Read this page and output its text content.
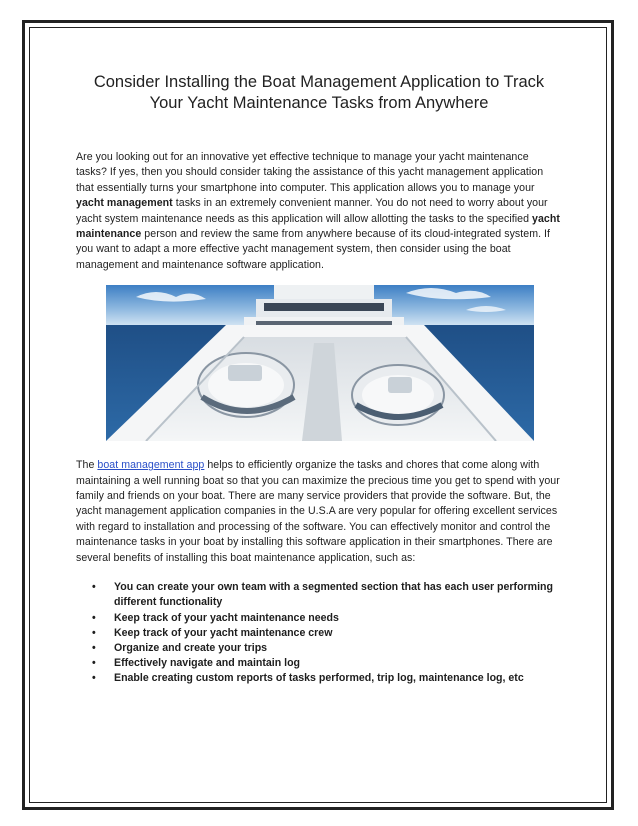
Consider Installing the Boat Management Application to Track Your Yacht Maintenance Tasks from Anywhere

Are you looking out for an innovative yet effective technique to manage your yacht maintenance tasks? If yes, then you should consider taking the assistance of this yacht management application that essentially turns your smartphone into computer. This application allows you to manage your yacht management tasks in an extremely convenient manner. You do not need to worry about your yacht system maintenance needs as this application will allow allotting the tasks to the specified yacht maintenance person and review the same from anywhere because of its cloud-integrated system. If you want to adapt a more effective yacht management system, then consider using the boat management and maintenance software application.

The boat management app helps to efficiently organize the tasks and chores that come along with maintaining a well running boat so that you can maximize the precious time you get to spend with your family and friends on your boat. There are many service providers that provide the software. But, the yacht management application companies in the U.S.A are very popular for offering excellent services with regard to installation and processing of the software. You can effectively monitor and control the maintenance tasks in your boat by installing this software application in their smartphones. There are several benefits of installing this boat maintenance application, such as:

• You can create your own team with a segmented section that has each user performing different functionality
• Keep track of your yacht maintenance needs
• Keep track of your yacht maintenance crew
• Organize and create your trips
• Effectively navigate and maintain log
• Enable creating custom reports of tasks performed, trip log, maintenance log, etc
